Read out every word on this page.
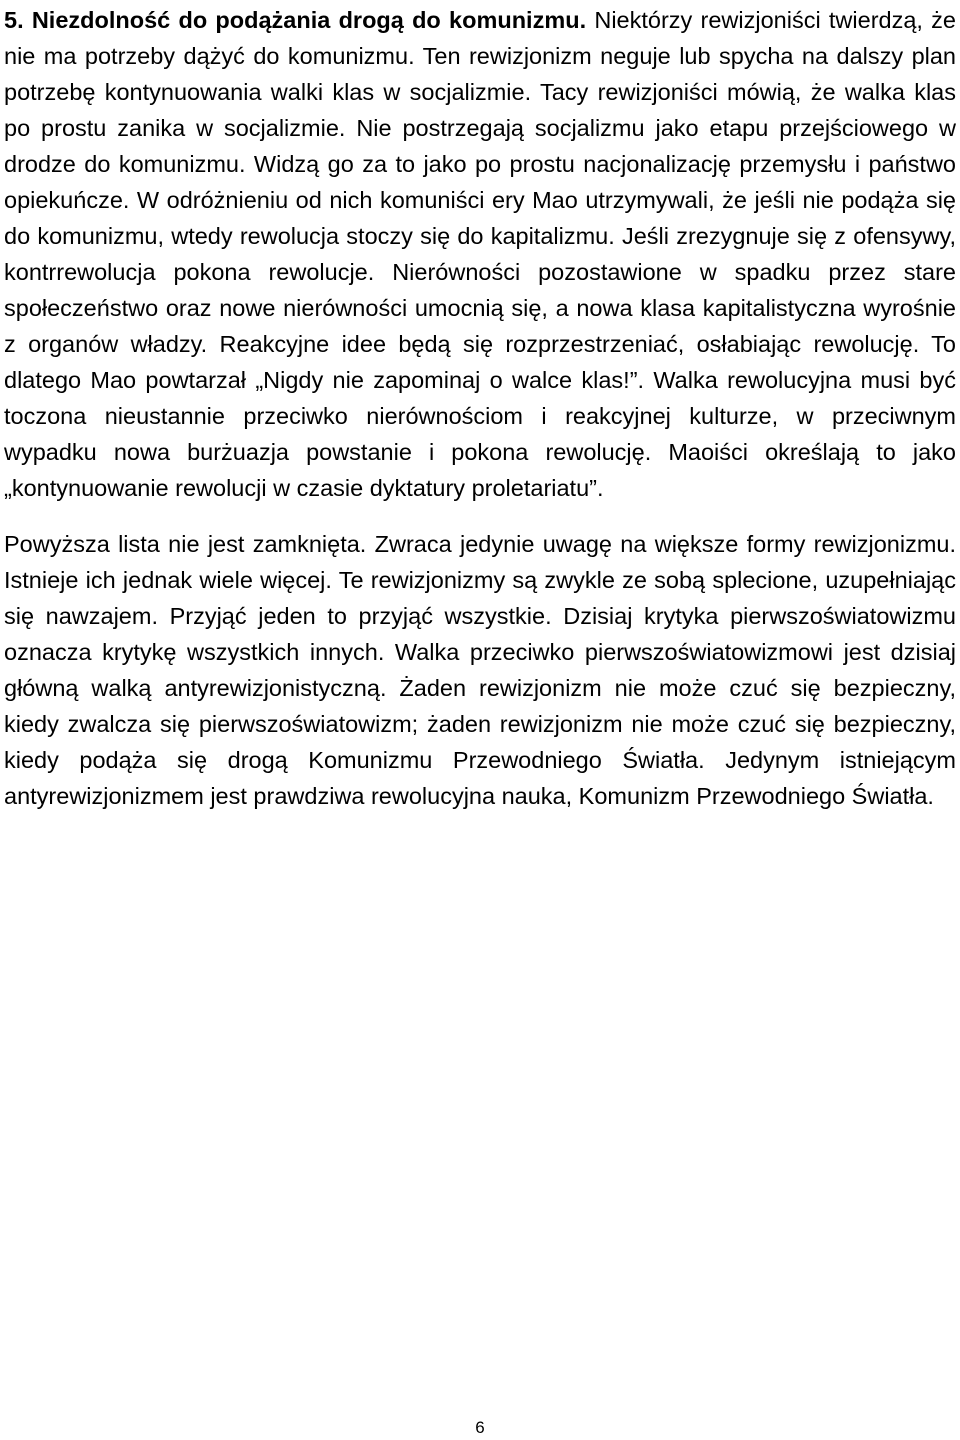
5. Niezdolność do podążania drogą do komunizmu. Niektórzy rewizjoniści twierdzą, że nie ma potrzeby dążyć do komunizmu. Ten rewizjonizm neguje lub spycha na dalszy plan potrzebę kontynuowania walki klas w socjalizmie. Tacy rewizjoniści mówią, że walka klas po prostu zanika w socjalizmie. Nie postrzegają socjalizmu jako etapu przejściowego w drodze do komunizmu. Widzą go za to jako po prostu nacjonalizację przemysłu i państwo opiekuńcze. W odróżnieniu od nich komuniści ery Mao utrzymywali, że jeśli nie podąża się do komunizmu, wtedy rewolucja stoczy się do kapitalizmu. Jeśli zrezygnuje się z ofensywy, kontrrewolucja pokona rewolucje. Nierówności pozostawione w spadku przez stare społeczeństwo oraz nowe nierówności umocnią się, a nowa klasa kapitalistyczna wyrośnie z organów władzy. Reakcyjne idee będą się rozprzestrzeniać, osłabiając rewolucję. To dlatego Mao powtarzał „Nigdy nie zapominaj o walce klas!”. Walka rewolucyjna musi być toczona nieustannie przeciwko nierównościom i reakcyjnej kulturze, w przeciwnym wypadku nowa burżuazja powstanie i pokona rewolucję. Maoiści określają to jako „kontynuowanie rewolucji w czasie dyktatury proletariatu”.

Powyższa lista nie jest zamknięta. Zwraca jedynie uwagę na większe formy rewizjonizmu. Istnieje ich jednak wiele więcej. Te rewizjonizmy są zwykle ze sobą splecione, uzupełniając się nawzajem. Przyjąć jeden to przyjąć wszystkie. Dzisiaj krytyka pierwszoświatowizmu oznacza krytykę wszystkich innych. Walka przeciwko pierwszoświatowizmowi jest dzisiaj główną walką antyrewizjonistyczną. Żaden rewizjonizm nie może czuć się bezpieczny, kiedy zwalcza się pierwszoświatowizm; żaden rewizjonizm nie może czuć się bezpieczny, kiedy podąża się drogą Komunizmu Przewodniego Światła. Jedynym istniejącym antyrewizjonizmem jest prawdziwa rewolucyjna nauka, Komunizm Przewodniego Światła.

6
